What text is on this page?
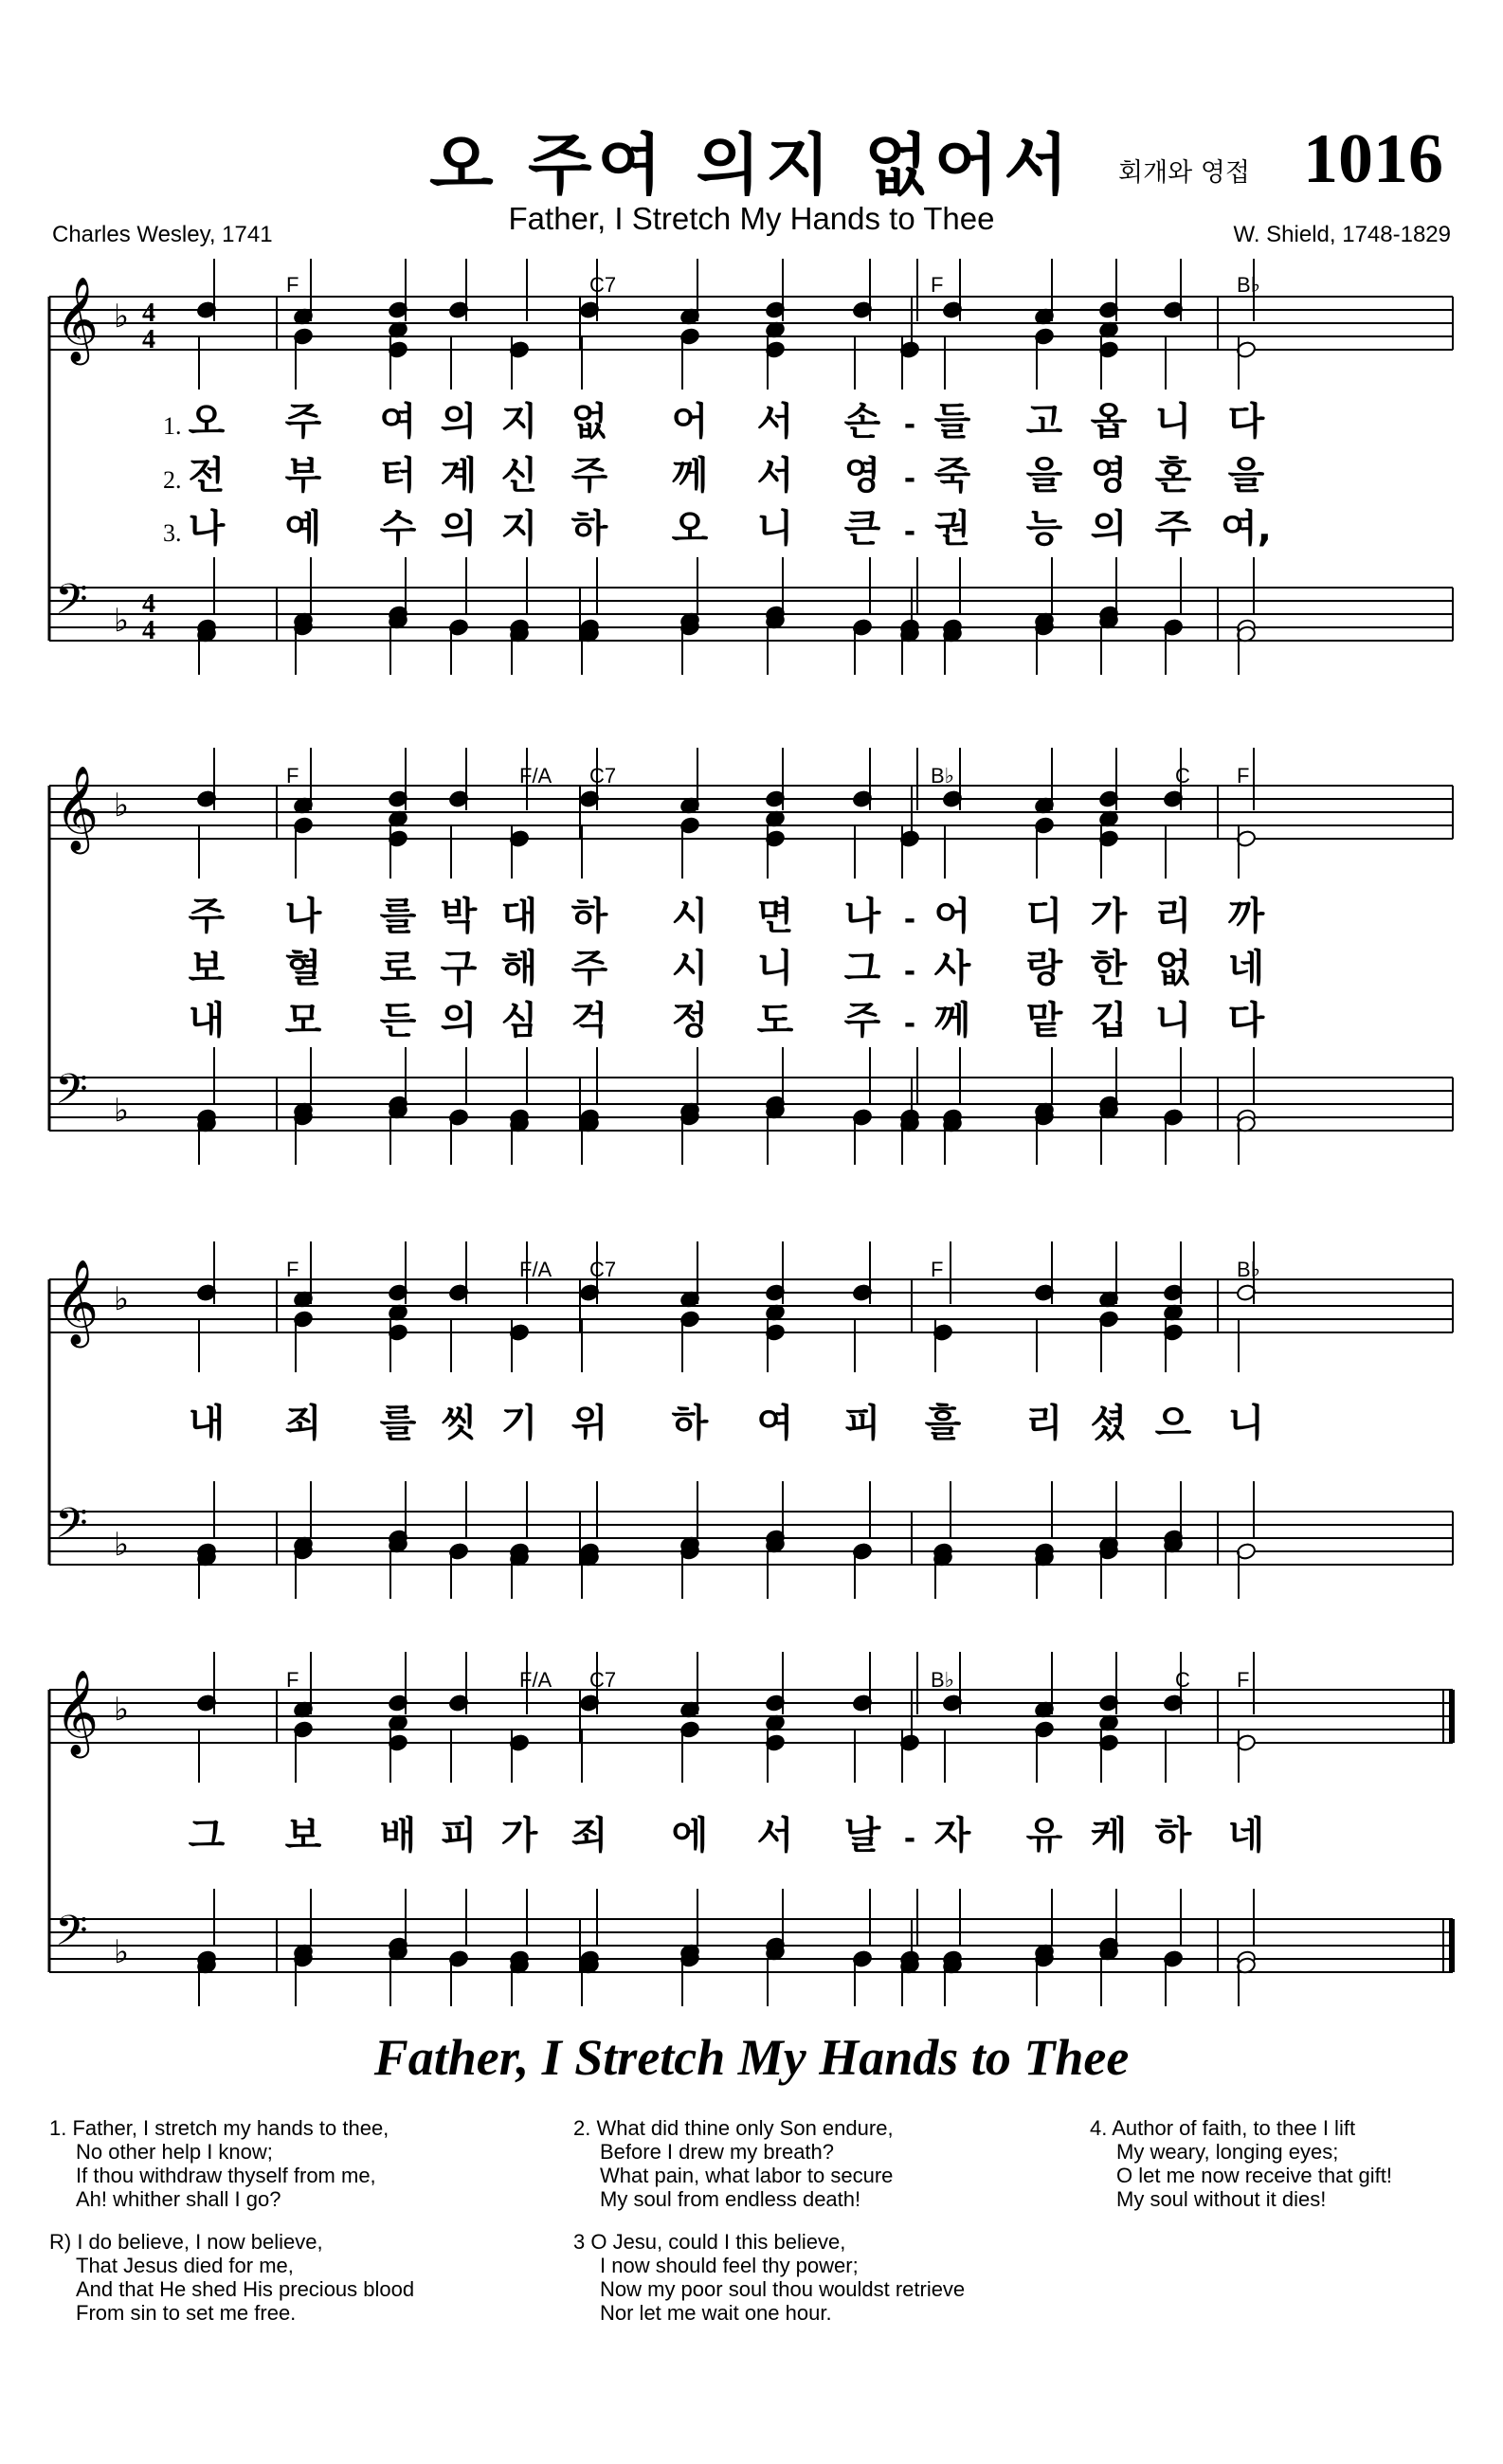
오 주여 의지 없어서	회개와 영접 1016
Father, I Stretch My Hands to Thee
Charles Wesley, 1741	W. Shield, 1748-1829
𝄞 ♭ 4
4
𝄢 ♭ 4
4
F	C7	F	B♭
1.
2.
3.
오 주 여 의 지 없 어 서 손 - 들 고 옵 니 다
전 부 터 계 신 주 께 서 영 - 죽 을 영 혼 을
나 예 수 의 지 하 오 니 큰 - 권 능 의 주 여,
𝄞 ♭
𝄢 ♭
F	F/A C7	B♭	C F
주 나 를 박 대 하 시 면 나 - 어 디 가 리 까
보 혈 로 구 해 주 시 니 그 - 사 랑 한 없 네
내 모 든 의 심 걱 정 도 주 - 께 맡 깁 니 다
𝄞 ♭
𝄢 ♭
F	F/A C7	F	B♭
내 죄 를 씻 기 위 하 여 피 흘 리 셨 으 니
𝄞 ♭
𝄢 ♭
F	F/A C7	B♭	C F
그 보 배 피 가 죄 에 서 날 - 자 유 케 하 네
Father, I Stretch My Hands to Thee
1. Father, I stretch my hands to thee,
No other help I know;
If thou withdraw thyself from me,
Ah! whither shall I go?
R) I do believe, I now believe,
That Jesus died for me,
And that He shed His precious blood
From sin to set me free.
2. What did thine only Son endure,
Before I drew my breath?
What pain, what labor to secure
My soul from endless death!
3 O Jesu, could I this believe,
I now should feel thy power;
Now my poor soul thou wouldst retrieve
Nor let me wait one hour.
4. Author of faith, to thee I lift
My weary, longing eyes;
O let me now receive that gift!
My soul without it dies!
